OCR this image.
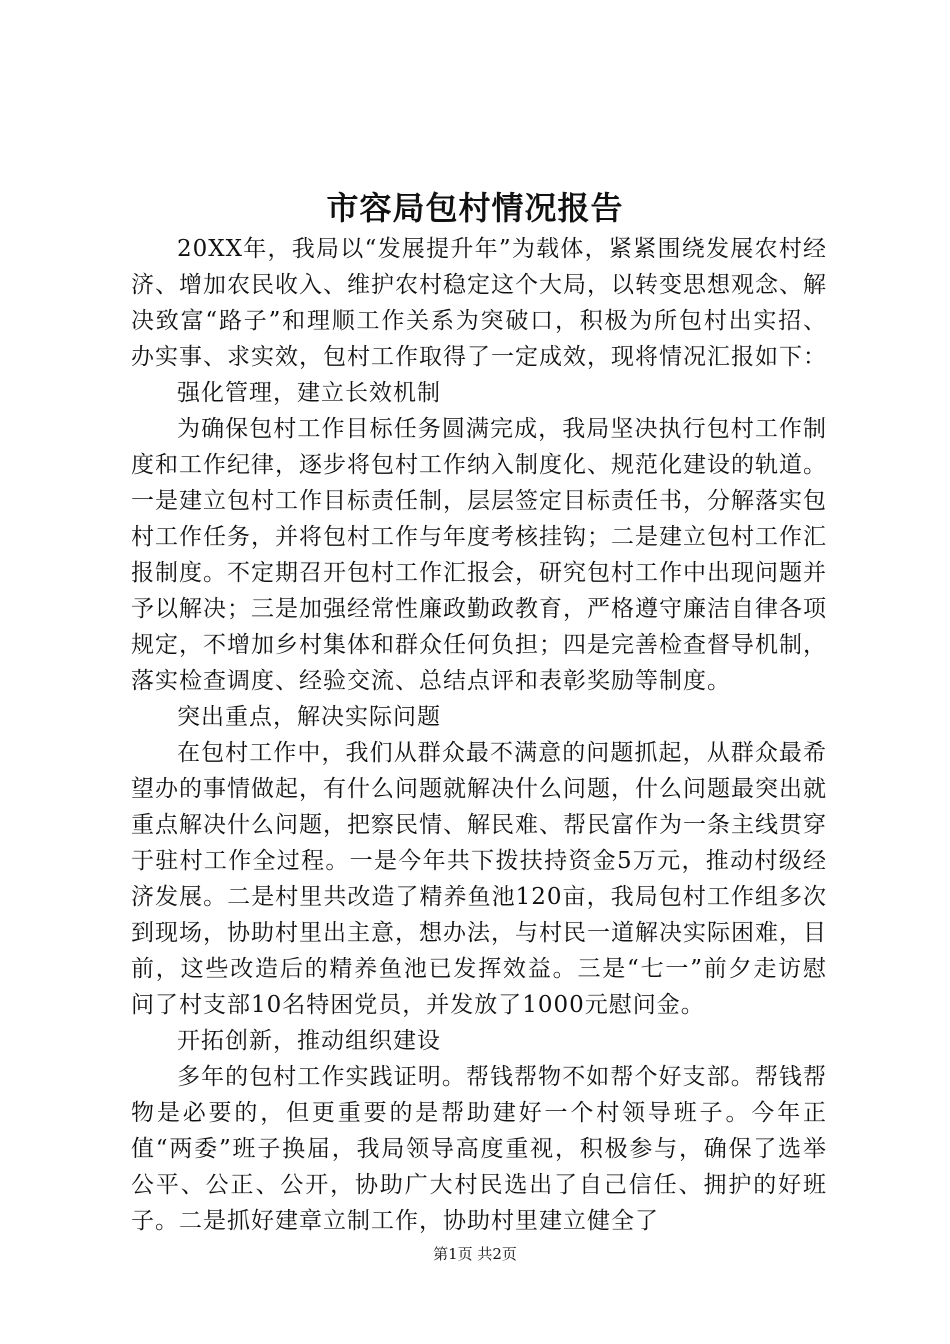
市容局包村情况报告

20XX年，我局以“发展提升年”为载体，紧紧围绕发展农村经济、增加农民收入、维护农村稳定这个大局，以转变思想观念、解决致富“路子”和理顺工作关系为突破口，积极为所包村出实招、办实事、求实效，包村工作取得了一定成效，现将情况汇报如下：

强化管理，建立长效机制

为确保包村工作目标任务圆满完成，我局坚决执行包村工作制度和工作纪律，逐步将包村工作纳入制度化、规范化建设的轨道。一是建立包村工作目标责任制，层层签定目标责任书，分解落实包村工作任务，并将包村工作与年度考核挂钩；二是建立包村工作汇报制度。不定期召开包村工作汇报会，研究包村工作中出现问题并予以解决；三是加强经常性廉政勤政教育，严格遵守廉洁自律各项规定，不增加乡村集体和群众任何负担；四是完善检查督导机制，落实检查调度、经验交流、总结点评和表彰奖励等制度。

突出重点，解决实际问题

在包村工作中，我们从群众最不满意的问题抓起，从群众最希望办的事情做起，有什么问题就解决什么问题，什么问题最突出就重点解决什么问题，把察民情、解民难、帮民富作为一条主线贯穿于驻村工作全过程。一是今年共下拨扶持资金5万元，推动村级经济发展。二是村里共改造了精养鱼池120亩，我局包村工作组多次到现场，协助村里出主意，想办法，与村民一道解决实际困难，目前，这些改造后的精养鱼池已发挥效益。三是“七一”前夕走访慰问了村支部10名特困党员，并发放了1000元慰问金。

开拓创新，推动组织建设

多年的包村工作实践证明。帮钱帮物不如帮个好支部。帮钱帮物是必要的，但更重要的是帮助建好一个村领导班子。今年正值“两委”班子换届，我局领导高度重视，积极参与，确保了选举公平、公正、公开，协助广大村民选出了自己信任、拥护的好班子。二是抓好建章立制工作，协助村里建立健全了

第1页 共2页
